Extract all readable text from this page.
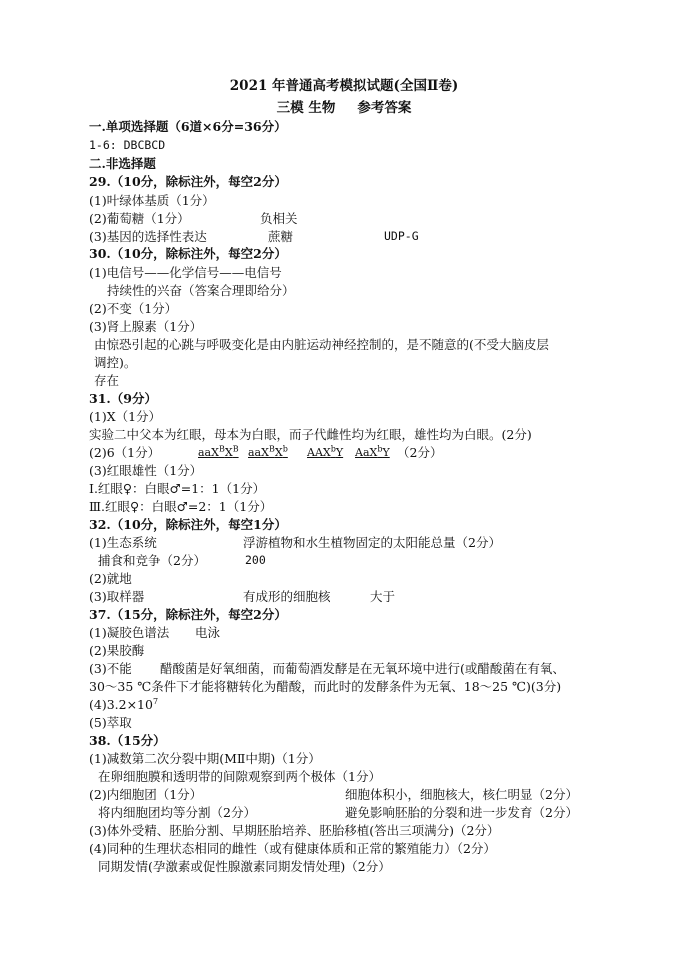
2021 年普通高考模拟试题(全国Ⅱ卷)
三模 生物 参考答案
一.单项选择题（6道×6分=36分）
1-6: DBCBCD
二.非选择题
29.（10分，除标注外，每空2分）
(1)叶绿体基质（1分）
(2)葡萄糖（1分）	负相关
(3)基因的选择性表达	蔗糖	UDP-G
30.（10分，除标注外，每空2分）
(1)电信号——化学信号——电信号
持续性的兴奋（答案合理即给分）
(2)不变（1分）
(3)肾上腺素（1分）
由惊恐引起的心跳与呼吸变化是由内脏运动神经控制的，是不随意的(不受大脑皮层
调控)。
存在
31.（9分）
(1)X（1分）
实验二中父本为红眼，母本为白眼，而子代雌性均为红眼，雄性均为白眼。(2分)
(2)6（1分）	$aaX^BX^B$ $aaX^BX^b$ AAX$^b$Y AaX$^b$Y （2分）
(3)红眼雄性（1分）
Ⅰ.红眼♀：白眼♂=1：1（1分）
Ⅲ.红眼♀：白眼♂=2：1（1分）
32.（10分，除标注外，每空1分）
(1)生态系统	浮游植物和水生植物固定的太阳能总量（2分）
捕食和竞争（2分）	200
(2)就地
(3)取样器	有成形的细胞核	大于
37.（15分，除标注外，每空2分）
(1)凝胶色谱法 电泳
(2)果胶酶
(3)不能 醋酸菌是好氧细菌，而葡萄酒发酵是在无氧环境中进行(或醋酸菌在有氧、
30～35 ℃条件下才能将糖转化为醋酸，而此时的发酵条件为无氧、18～25 ℃)(3分)
$(4)3.2\times 10^7$
(5)萃取
38.（15分）
(1)减数第二次分裂中期(MⅡ中期)（1分）
在卵细胞膜和透明带的间隙观察到两个极体（1分）
(2)内细胞团（1分）	细胞体积小，细胞核大，核仁明显（2分）
将内细胞团均等分割（2分）	避免影响胚胎的分裂和进一步发育（2分）
(3)体外受精、胚胎分割、早期胚胎培养、胚胎移植(答出三项满分)（2分）
(4)同种的生理状态相同的雌性（或有健康体质和正常的繁殖能力）（2分）
同期发情(孕激素或促性腺激素同期发情处理)（2分）
